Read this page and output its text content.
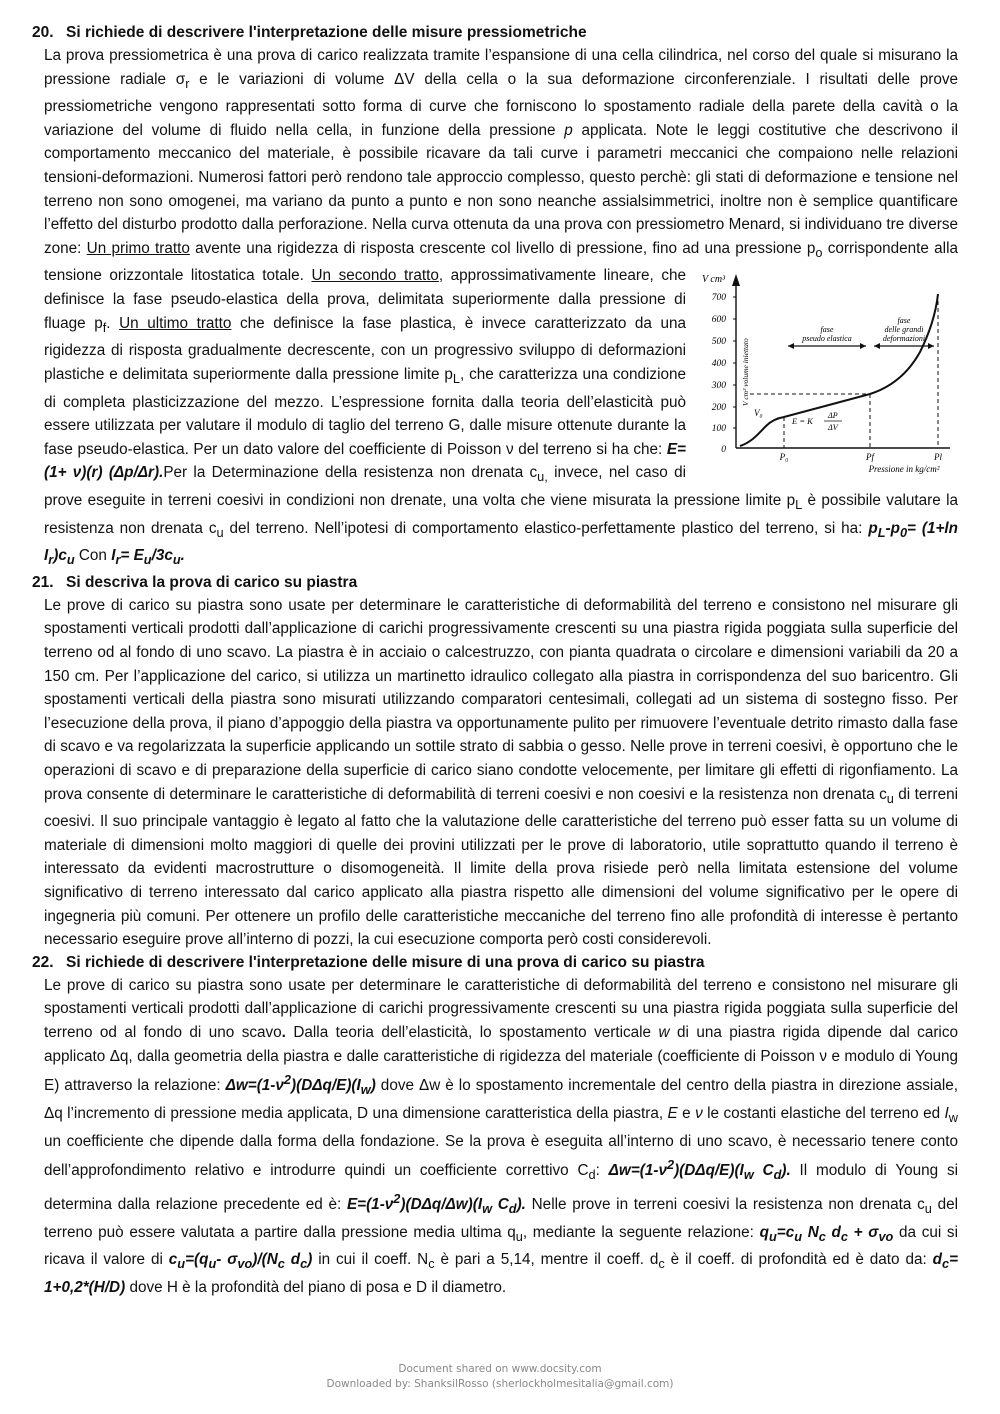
20. Si richiede di descrivere l'interpretazione delle misure pressiometriche

La prova pressiometrica è una prova di carico realizzata tramite l’espansione di una cella cilindrica, nel corso del quale si misurano la pressione radiale $\sigma_r$ e le variazioni di volume ΔV della cella o la sua deformazione circonferenziale. I risultati delle prove pressiometriche vengono rappresentati sotto forma di curve che forniscono lo spostamento radiale della parete della cavità o la variazione del volume di fluido nella cella, in funzione della pressione p applicata. Note le leggi costitutive che descrivono il comportamento meccanico del materiale, è possibile ricavare da tali curve i parametri meccanici che compaiono nelle relazioni tensioni-deformazioni. Numerosi fattori però rendono tale approccio complesso, questo perchè: gli stati di deformazione e tensione nel terreno non sono omogenei, ma variano da punto a punto e non sono neanche assialsimmetrici, inoltre non è semplice quantificare l’effetto del disturbo prodotto dalla perforazione. Nella curva ottenuta da una prova con pressiometro Menard, si individuano tre diverse zone: Un primo tratto avente una rigidezza di risposta crescente col livello di pressione, fino ad una pressione p
V cm³
700
600
500
400
300
200
100
0
V cm³ volume iniettato
fase
pseudo elastica
fase
delle grandi
deformazioni
V₀
E = K
ΔP
ΔV
P₀	Pf	Pl
Pressione in kg/cm²
$_o$ corrispondente alla tensione orizzontale litostatica totale. Un secondo tratto, approssimativamente lineare, che definisce la fase pseudo-elastica della prova, delimitata superiormente dalla pressione di fluage $p_f$. Un ultimo tratto che definisce la fase plastica, è invece caratterizzato da una rigidezza di risposta gradualmente decrescente, con un progressivo sviluppo di deformazioni plastiche e delimitata superiormente dalla pressione limite $p_L$, che caratterizza una condizione di completa plasticizzazione del mezzo. L’espressione fornita dalla teoria dell’elasticità può essere utilizzata per valutare il modulo di taglio del terreno G, dalle misure ottenute durante la fase pseudo-elastica. Per un dato valore del coefficiente di Poisson ν del terreno si ha che: E=(1+ ν)(r) (Δp/Δr).Per la Determinazione della resistenza non drenata $c_{u,}$ invece, nel caso di prove eseguite in terreni coesivi in condizioni non drenate, una volta che viene misurata la pressione limite $p_L$ è possibile valutare la resistenza non drenata $c_u$ del terreno. Nell’ipotesi di comportamento elastico-perfettamente plastico del terreno, si ha: $p_L-p_0= (1+\ln$ $I_r)c_u$ Con $I_r= E_u/3c_u$.

21. Si descriva la prova di carico su piastra

Le prove di carico su piastra sono usate per determinare le caratteristiche di deformabilità del terreno e consistono nel misurare gli spostamenti verticali prodotti dall’applicazione di carichi progressivamente crescenti su una piastra rigida poggiata sulla superficie del terreno od al fondo di uno scavo. La piastra è in acciaio o calcestruzzo, con pianta quadrata o circolare e dimensioni variabili da 20 a 150 cm. Per l’applicazione del carico, si utilizza un martinetto idraulico collegato alla piastra in corrispondenza del suo baricentro. Gli spostamenti verticali della piastra sono misurati utilizzando comparatori centesimali, collegati ad un sistema di sostegno fisso. Per l’esecuzione della prova, il piano d’appoggio della piastra va opportunamente pulito per rimuovere l’eventuale detrito rimasto dalla fase di scavo e va regolarizzata la superficie applicando un sottile strato di sabbia o gesso. Nelle prove in terreni coesivi, è opportuno che le operazioni di scavo e di preparazione della superficie di carico siano condotte velocemente, per limitare gli effetti di rigonfiamento. La prova consente di determinare le caratteristiche di deformabilità di terreni coesivi e non coesivi e la resistenza non drenata $c_u$ di terreni coesivi. Il suo principale vantaggio è legato al fatto che la valutazione delle caratteristiche del terreno può esser fatta su un volume di materiale di dimensioni molto maggiori di quelle dei provini utilizzati per le prove di laboratorio, utile soprattutto quando il terreno è interessato da evidenti macrostrutture o disomogeneità. Il limite della prova risiede però nella limitata estensione del volume significativo di terreno interessato dal carico applicato alla piastra rispetto alle dimensioni del volume significativo per le opere di ingegneria più comuni. Per ottenere un profilo delle caratteristiche meccaniche del terreno fino alle profondità di interesse è pertanto necessario eseguire prove all’interno di pozzi, la cui esecuzione comporta però costi considerevoli.

22. Si richiede di descrivere l'interpretazione delle misure di una prova di carico su piastra

Le prove di carico su piastra sono usate per determinare le caratteristiche di deformabilità del terreno e consistono nel misurare gli spostamenti verticali prodotti dall’applicazione di carichi progressivamente crescenti su una piastra rigida poggiata sulla superficie del terreno od al fondo di uno scavo. Dalla teoria dell’elasticità, lo spostamento verticale w di una piastra rigida dipende dal carico applicato Δq, dalla geometria della piastra e dalle caratteristiche di rigidezza del materiale (coefficiente di Poisson ν e modulo di Young E) attraverso la relazione: $\Delta w=(1-\nu^2)(D\Delta q/E)(I_w)$ dove Δw è lo spostamento incrementale del centro della piastra in direzione assiale, Δq l’incremento di pressione media applicata, D una dimensione caratteristica della piastra, E e ν le costanti elastiche del terreno ed $I_w$ un coefficiente che dipende dalla forma della fondazione. Se la prova è eseguita all’interno di uno scavo, è necessario tenere conto dell’approfondimento relativo e introdurre quindi un coefficiente correttivo $C_d$: $\Delta w=(1-\nu^2)(D\Delta q/E)(I_w$ $C_d$). Il modulo di Young si determina dalla relazione precedente ed è: $E=(1-\nu^2)(D\Delta q/\Delta w)(I_w$ $C_d$). Nelle prove in terreni coesivi la resistenza non drenata $c_u$ del terreno può essere valutata a partire dalla pressione media ultima $q_u$, mediante la seguente relazione: $q_u=c_u$ $N_c$ $d_c + \sigma_{vo}$ da cui si ricava il valore di $c_u=(q_u-$ $\sigma_{vo})/(N_c$ $d_c$) in cui il coeff. $N_c$ è pari a 5,14, mentre il coeff. $d_c$ è il coeff. di profondità ed è dato da: $d_c= 1+0,2*(H/D)$ dove H è la profondità del piano di posa e D il diametro.

Document shared on www.docsity.com
Downloaded by: ShanksilRosso (sherlockholmesitalia@gmail.com)
